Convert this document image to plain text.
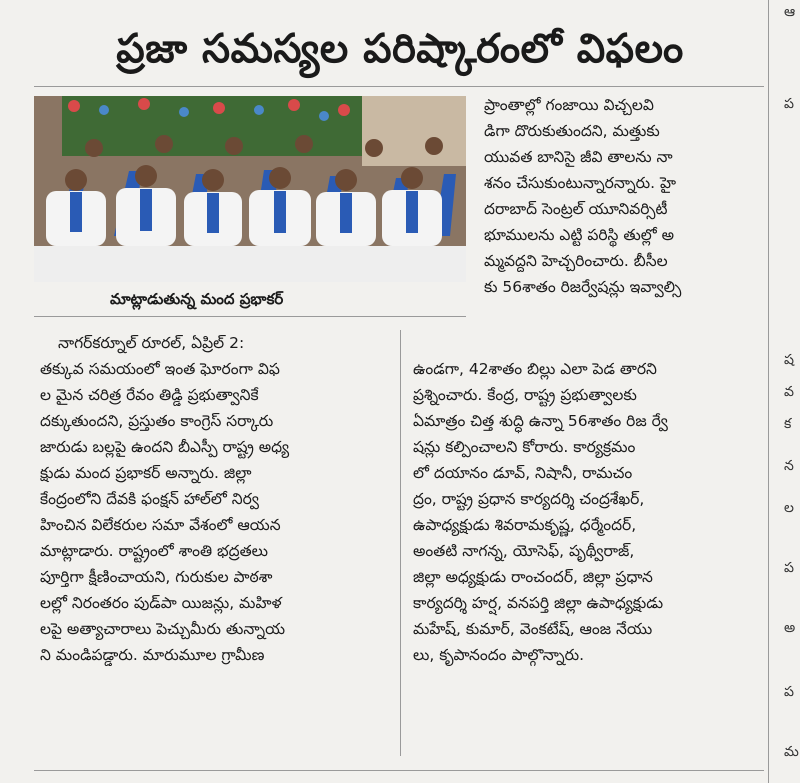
ప్రజా సమస్యల పరిష్కారంలో విఫలం
మాట్లాడుతున్న మంద ప్రభాకర్
ప్రాంతాల్లో గంజాయి విచ్చలవి
డిగా దొరుకుతుందని, మత్తుకు
యువత బానిసై జీవి తాలను నా
శనం చేసుకుంటున్నారన్నారు. హై
దరాబాద్ సెంట్రల్ యూనివర్సిటీ
భూములను ఎట్టి పరిస్థి తుల్లో అ
మ్మవద్దని హెచ్చరించారు. బీసీల
కు 56శాతం రిజర్వేషన్లు ఇవ్వాల్సి
నాగర్‌కర్నూల్ రూరల్, ఏప్రిల్ 2:
తక్కువ సమయంలో ఇంత ఘోరంగా విఫ
ల మైన చరిత్ర రేవం తిడ్డి ప్రభుత్వానికే
దక్కుతుందని, ప్రస్తుతం కాంగ్రెస్ సర్కారు
జారుడు బల్లపై ఉందని బీఎస్పీ రాష్ట్ర అధ్య
క్షుడు మంద ప్రభాకర్ అన్నారు. జిల్లా
కేంద్రంలోని దేవకి ఫంక్షన్ హాల్‌లో నిర్వ
హించిన విలేకరుల సమా వేశంలో ఆయన
మాట్లాడారు. రాష్ట్రంలో శాంతి భద్రతలు
పూర్తిగా క్షీణించాయని, గురుకుల పాఠశా
లల్లో నిరంతరం పుడ్‌పా యిజన్లు, మహిళ
లపై అత్యాచారాలు పెచ్చుమీరు తున్నాయ
ని మండిపడ్డారు. మారుమూల గ్రామీణ
ఉండగా, 42శాతం బిల్లు ఎలా పెడ తారని
ప్రశ్నించారు. కేంద్ర, రాష్ట్ర ప్రభుత్వాలకు
ఏమాత్రం చిత్త శుద్ధి ఉన్నా 56శాతం రిజ ర్వే
షన్లు కల్పించాలని కోరారు. కార్యక్రమం
లో దయానం డూవ్, నిషానీ, రామచం
ద్రం, రాష్ట్ర ప్రధాన కార్యదర్శి చంద్రశేఖర్,
ఉపాధ్యక్షుడు శివరామకృష్ణ, ధర్మేందర్,
అంతటి నాగన్న, యోసెఫ్, పృథ్వీరాజ్,
జిల్లా అధ్యక్షుడు రాంచందర్, జిల్లా ప్రధాన
కార్యదర్శి హర్ష, వనపర్తి జిల్లా ఉపాధ్యక్షుడు
మహేష్, కుమార్, వెంకటేష్, ఆంజ నేయు
లు, కృపానందం పాల్గొన్నారు.
ఆ
ప
ష
వ
క
న
ల
ప
అ
ప
మ
